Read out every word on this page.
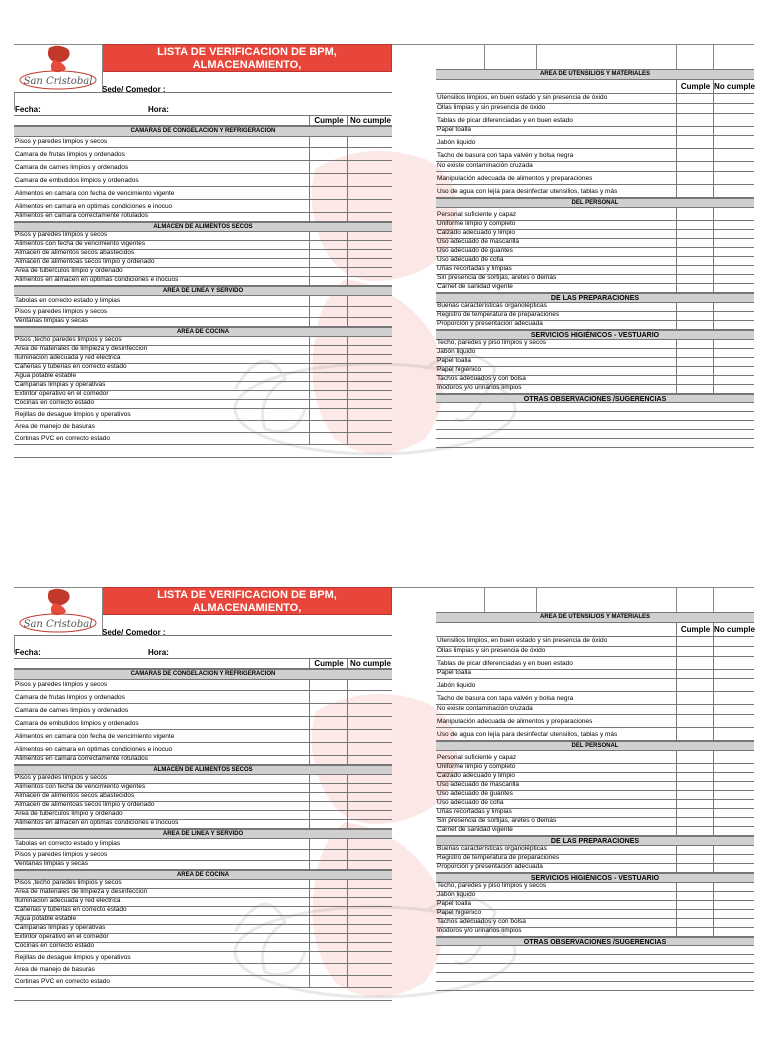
San Cristobal
LISTA DE VERIFICACION DE BPM, ALMACENAMIENTO,
LIMPIEZA E HIGIENE
Sede/ Comedor :
Fecha:	Hora:
Cumple No cumple
CAMARAS DE CONGELACION Y REFRIGERACION
Pisos y paredes limpios y secos
Camara de frutas limpios y ordenados
Camara de carnes limpios y ordenados
Camara de embutidos limpios y ordenados
Alimentos en camara con fecha de vencimiento vigente
Alimentos en camara en optimas condiciones e inocuo
Alimentos en camara correctamente rotulados
ALMACEN DE ALIMENTOS SECOS
Pisos y paredes limpios y secos
Alimentos con fecha de vencimiento vigentes
Almacen de alimentos secos abastecidos
Almacen de alimentoas secos limpio y ordenado
Area de tuberculos limpio y ordenado
Alimentos en almacen en optimas condiciones e inocuos
AREA DE LINEA Y SERVIDO
Tabolas en correcto estado y limpias
Pisos y paredes limpios y secos
Ventanas limpias y secas
AREA DE COCINA
Pisos ,techo paredes limpios y secos
Area de materiales de limpieza y desinfeccion
Iluminacion adecuada y red electrica
Cañerias y tuberias en correcto estado
Agua potable estable
Campanas limpias y operativas
Extintor operativo en el comedor
Cocinas en correcto estado
Rejillas de desague limpios y operativos
Area de manejo de basuras
Cortinas PVC en correcto estado
AREA DE UTENSILIOS Y MATERIALES
Cumple No cumple
Utensilios limpios, en buen estado y sin presencia de óxido
Ollas limpias y sin presencia de óxido
Tablas de picar diferenciadas y en buen estado
Papel toalla
Jabón liquido
Tacho de basura con tapa valvén y bolsa negra
No existe contaminación cruzada
Manipulación adecuada de alimentos y preparaciones
Uso de agua con lejía para desinfectar utensilios, tablas y más
DEL PERSONAL
Personal suficiente y capaz
Uniforme limpio y completo
Calzado adecuado y limpio
Uso adecuado de mascarilla
Uso adecuado de guantes
Uso adecuado de cofia
Uñas recortadas y limpias
Sin presencia de sortijas, aretes o demás
Carnet de sanidad vigente
DE LAS PREPARACIONES
Buenas características organolépticas
Registro de temperatura de preparaciones
Proporción y presentación adecuada
SERVICIOS HIGIÉNICOS - VESTUARIO
Techo, paredes y piso limpios y secos
Jabón liquido
Papel toalla
Papel higiénico
Tachos adecuados y con bolsa
Inodoros y/o urinarios limpios
OTRAS OBSERVACIONES /SUGERENCIAS
San Cristobal
LISTA DE VERIFICACION DE BPM, ALMACENAMIENTO,
LIMPIEZA E HIGIENE
Sede/ Comedor :
Fecha:	Hora:
Cumple No cumple
CAMARAS DE CONGELACION Y REFRIGERACION
Pisos y paredes limpios y secos
Camara de frutas limpios y ordenados
Camara de carnes limpios y ordenados
Camara de embutidos limpios y ordenados
Alimentos en camara con fecha de vencimiento vigente
Alimentos en camara en optimas condiciones e inocuo
Alimentos en camara correctamente rotulados
ALMACEN DE ALIMENTOS SECOS
Pisos y paredes limpios y secos
Alimentos con fecha de vencimiento vigentes
Almacen de alimentos secos abastecidos
Almacen de alimentoas secos limpio y ordenado
Area de tuberculos limpio y ordenado
Alimentos en almacen en optimas condiciones e inocuos
AREA DE LINEA Y SERVIDO
Tabolas en correcto estado y limpias
Pisos y paredes limpios y secos
Ventanas limpias y secas
AREA DE COCINA
Pisos ,techo paredes limpios y secos
Area de materiales de limpieza y desinfeccion
Iluminacion adecuada y red electrica
Cañerias y tuberias en correcto estado
Agua potable estable
Campanas limpias y operativas
Extintor operativo en el comedor
Cocinas en correcto estado
Rejillas de desague limpios y operativos
Area de manejo de basuras
Cortinas PVC en correcto estado
AREA DE UTENSILIOS Y MATERIALES
Cumple No cumple
Utensilios limpios, en buen estado y sin presencia de óxido
Ollas limpias y sin presencia de óxido
Tablas de picar diferenciadas y en buen estado
Papel toalla
Jabón liquido
Tacho de basura con tapa valvén y bolsa negra
No existe contaminación cruzada
Manipulación adecuada de alimentos y preparaciones
Uso de agua con lejía para desinfectar utensilios, tablas y más
DEL PERSONAL
Personal suficiente y capaz
Uniforme limpio y completo
Calzado adecuado y limpio
Uso adecuado de mascarilla
Uso adecuado de guantes
Uso adecuado de cofia
Uñas recortadas y limpias
Sin presencia de sortijas, aretes o demás
Carnet de sanidad vigente
DE LAS PREPARACIONES
Buenas características organolépticas
Registro de temperatura de preparaciones
Proporción y presentación adecuada
SERVICIOS HIGIÉNICOS - VESTUARIO
Techo, paredes y piso limpios y secos
Jabón liquido
Papel toalla
Papel higiénico
Tachos adecuados y con bolsa
Inodoros y/o urinarios limpios
OTRAS OBSERVACIONES /SUGERENCIAS
